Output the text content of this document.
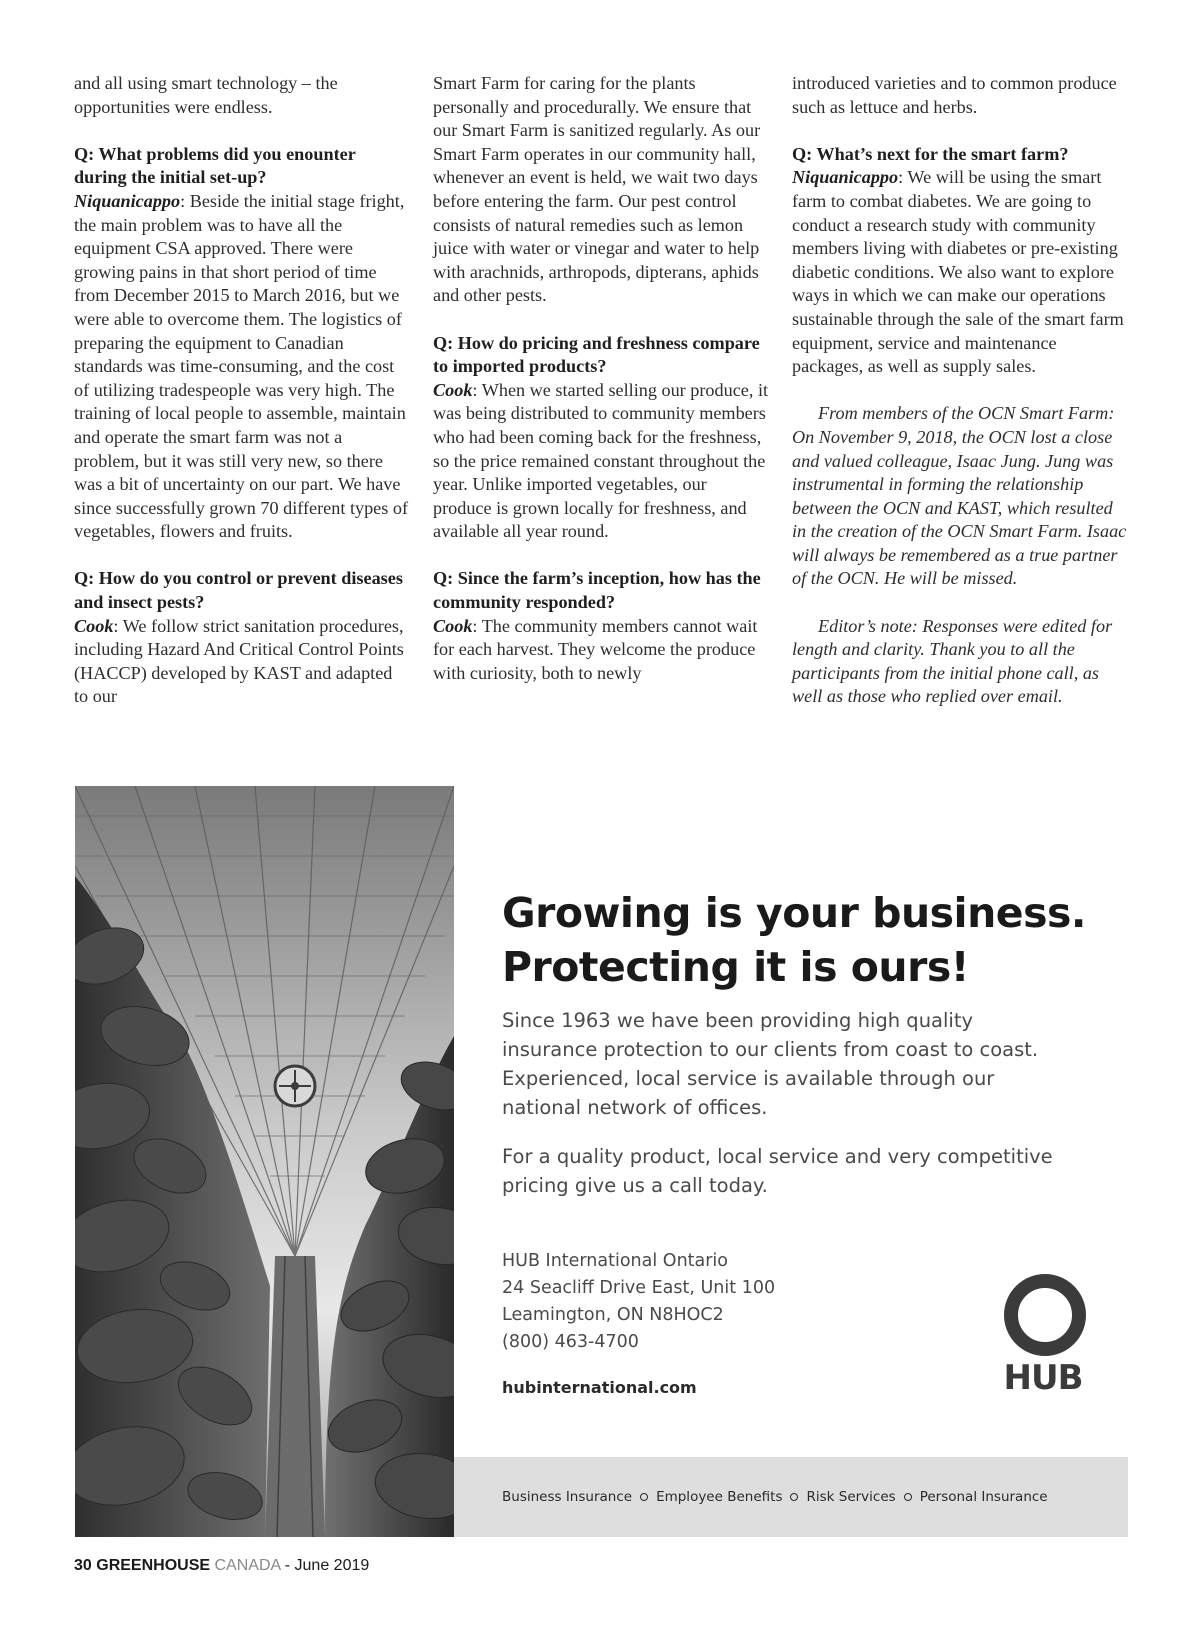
and all using smart technology – the opportunities were endless.

Q: What problems did you enounter during the initial set-up?
Niquanicappo: Beside the initial stage fright, the main problem was to have all the equipment CSA approved. There were growing pains in that short period of time from December 2015 to March 2016, but we were able to overcome them. The logistics of preparing the equipment to Canadian standards was time-consuming, and the cost of utilizing tradespeople was very high. The training of local people to assemble, maintain and operate the smart farm was not a problem, but it was still very new, so there was a bit of uncertainty on our part. We have since successfully grown 70 different types of vegetables, flowers and fruits.

Q: How do you control or prevent diseases and insect pests?
Cook: We follow strict sanitation procedures, including Hazard And Critical Control Points (HACCP) developed by KAST and adapted to our

Smart Farm for caring for the plants personally and procedurally. We ensure that our Smart Farm is sanitized regularly. As our Smart Farm operates in our community hall, whenever an event is held, we wait two days before entering the farm. Our pest control consists of natural remedies such as lemon juice with water or vinegar and water to help with arachnids, arthropods, dipterans, aphids and other pests.

Q: How do pricing and freshness compare to imported products?
Cook: When we started selling our produce, it was being distributed to community members who had been coming back for the freshness, so the price remained constant throughout the year. Unlike imported vegetables, our produce is grown locally for freshness, and available all year round.

Q: Since the farm’s inception, how has the community responded?
Cook: The community members cannot wait for each harvest. They welcome the produce with curiosity, both to newly

introduced varieties and to common produce such as lettuce and herbs.

Q: What’s next for the smart farm?
Niquanicappo: We will be using the smart farm to combat diabetes. We are going to conduct a research study with community members living with diabetes or pre-existing diabetic conditions. We also want to explore ways in which we can make our operations sustainable through the sale of the smart farm equipment, service and maintenance packages, as well as supply sales.

From members of the OCN Smart Farm: On November 9, 2018, the OCN lost a close and valued colleague, Isaac Jung. Jung was instrumental in forming the relationship between the OCN and KAST, which resulted in the creation of the OCN Smart Farm. Isaac will always be remembered as a true partner of the OCN. He will be missed.

Editor’s note: Responses were edited for length and clarity. Thank you to all the participants from the initial phone call, as well as those who replied over email.

Growing is your business.
Protecting it is ours!
Since 1963 we have been providing high quality insurance protection to our clients from coast to coast. Experienced, local service is available through our national network of offices.
For a quality product, local service and very competitive pricing give us a call today.
HUB International Ontario
24 Seacliff Drive East, Unit 100
Leamington, ON N8HOC2
(800) 463-4700
hubinternational.com	HUB
Business Insurance Employee Benefits Risk Services Personal Insurance
30 GREENHOUSE CANADA - June 2019
